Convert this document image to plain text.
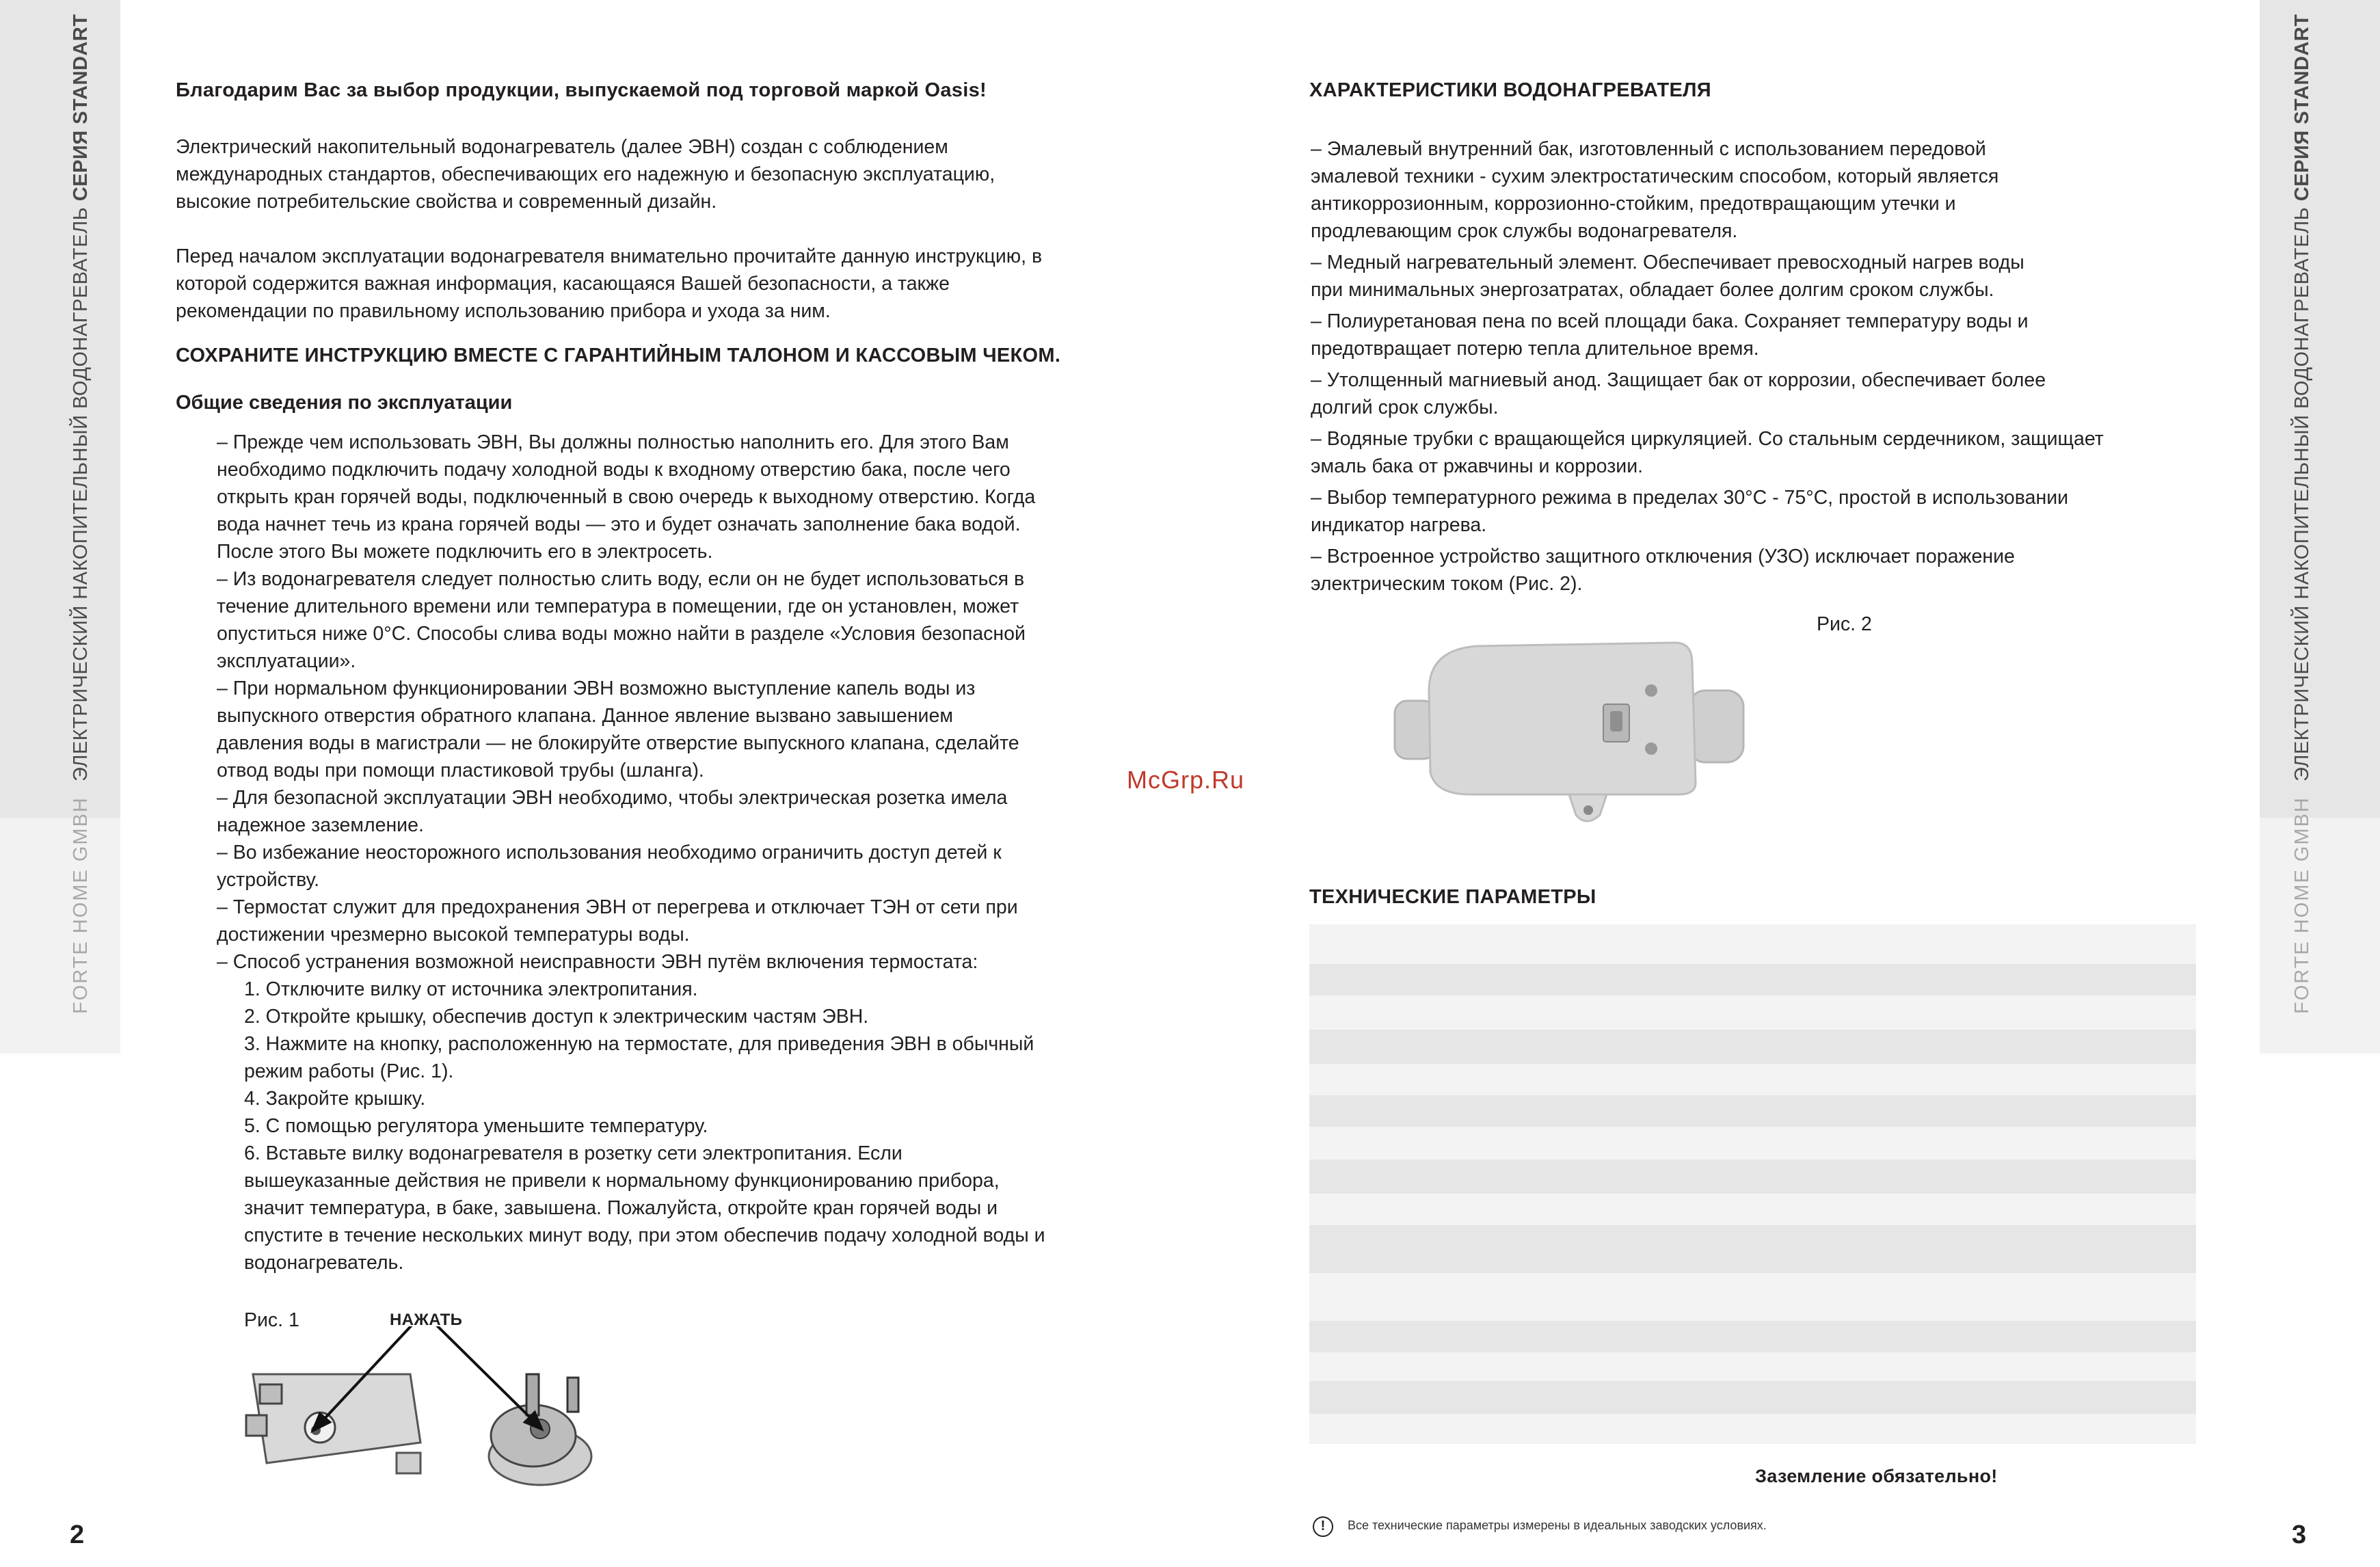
ЭЛЕКТРИЧЕСКИЙ НАКОПИТЕЛЬНЫЙ ВОДОНАГРЕВАТЕЛЬ СЕРИЯ STANDART
FORTE HOME GMBH
2
ЭЛЕКТРИЧЕСКИЙ НАКОПИТЕЛЬНЫЙ ВОДОНАГРЕВАТЕЛЬ СЕРИЯ STANDART
FORTE HOME GMBH
3
Благодарим Вас за выбор продукции, выпускаемой под торговой маркой Oasis!
Электрический накопительный водонагреватель (далее ЭВН) создан с соблюдением
международных стандартов, обеспечивающих его надежную и безопасную эксплуатацию,
высокие потребительские свойства и современный дизайн.
Перед началом эксплуатации водонагревателя внимательно прочитайте данную инструкцию, в
которой содержится важная информация, касающаяся Вашей безопасности, а также
рекомендации по правильному использованию прибора и ухода за ним.
СОХРАНИТЕ ИНСТРУКЦИЮ ВМЕСТЕ С ГАРАНТИЙНЫМ ТАЛОНОМ И КАССОВЫМ ЧЕКОМ.
Общие сведения по эксплуатации
– Прежде чем использовать ЭВН, Вы должны полностью наполнить его. Для этого Вам
необходимо подключить подачу холодной воды к входному отверстию бака, после чего
открыть кран горячей воды, подключенный в свою очередь к выходному отверстию. Когда
вода начнет течь из крана горячей воды — это и будет означать заполнение бака водой.
После этого Вы можете подключить его в электросеть.
– Из водонагревателя следует полностью слить воду, если он не будет использоваться в
течение длительного времени или температура в помещении, где он установлен, может
опуститься ниже 0°С. Способы слива воды можно найти в разделе «Условия безопасной
эксплуатации».
– При нормальном функционировании ЭВН возможно выступление капель воды из
выпускного отверстия обратного клапана. Данное явление вызвано завышением
давления воды в магистрали — не блокируйте отверстие выпускного клапана, сделайте
отвод воды при помощи пластиковой трубы (шланга).
– Для безопасной эксплуатации ЭВН необходимо, чтобы электрическая розетка имела
надежное заземление.
– Во избежание неосторожного использования необходимо ограничить доступ детей к
устройству.
– Термостат служит для предохранения ЭВН от перегрева и отключает ТЭН от сети при
достижении чрезмерно высокой температуры воды.
– Способ устранения возможной неисправности ЭВН путём включения термостата:
1. Отключите вилку от источника электропитания.
2. Откройте крышку, обеспечив доступ к электрическим частям ЭВН.
3. Нажмите на кнопку, расположенную на термостате, для приведения ЭВН в обычный
режим работы (Рис. 1).
4. Закройте крышку.
5. С помощью регулятора уменьшите температуру.
6. Вставьте вилку водонагревателя в розетку сети электропитания. Если
вышеуказанные действия не привели к нормальному функционированию прибора,
значит температура, в баке, завышена. Пожалуйста, откройте кран горячей воды и
спустите в течение нескольких минут воду, при этом обеспечив подачу холодной воды и
водонагреватель.
Рис. 1	НАЖАТЬ
McGrp.Ru
ХАРАКТЕРИСТИКИ ВОДОНАГРЕВАТЕЛЯ
– Эмалевый внутренний бак, изготовленный с использованием передовой
эмалевой техники - сухим электростатическим способом, который является
антикоррозионным, коррозионно-стойким, предотвращающим утечки и
продлевающим срок службы водонагревателя.
– Медный нагревательный элемент. Обеспечивает превосходный нагрев воды
при минимальных энергозатратах, обладает более долгим сроком службы.
– Полиуретановая пена по всей площади бака. Сохраняет температуру воды и
предотвращает потерю тепла длительное время.
– Утолщенный магниевый анод. Защищает бак от коррозии, обеспечивает более
долгий срок службы.
– Водяные трубки с вращающейся циркуляцией. Со стальным сердечником, защищает
эмаль бака от ржавчины и коррозии.
– Выбор температурного режима в пределах 30°С - 75°С, простой в использовании
индикатор нагрева.
– Встроенное устройство защитного отключения (УЗО) исключает поражение
электрическим током (Рис. 2).
Рис. 2
ТЕХНИЧЕСКИЕ ПАРАМЕТРЫ
Заземление обязательно!
!	Все технические параметры измерены в идеальных заводских условиях.
